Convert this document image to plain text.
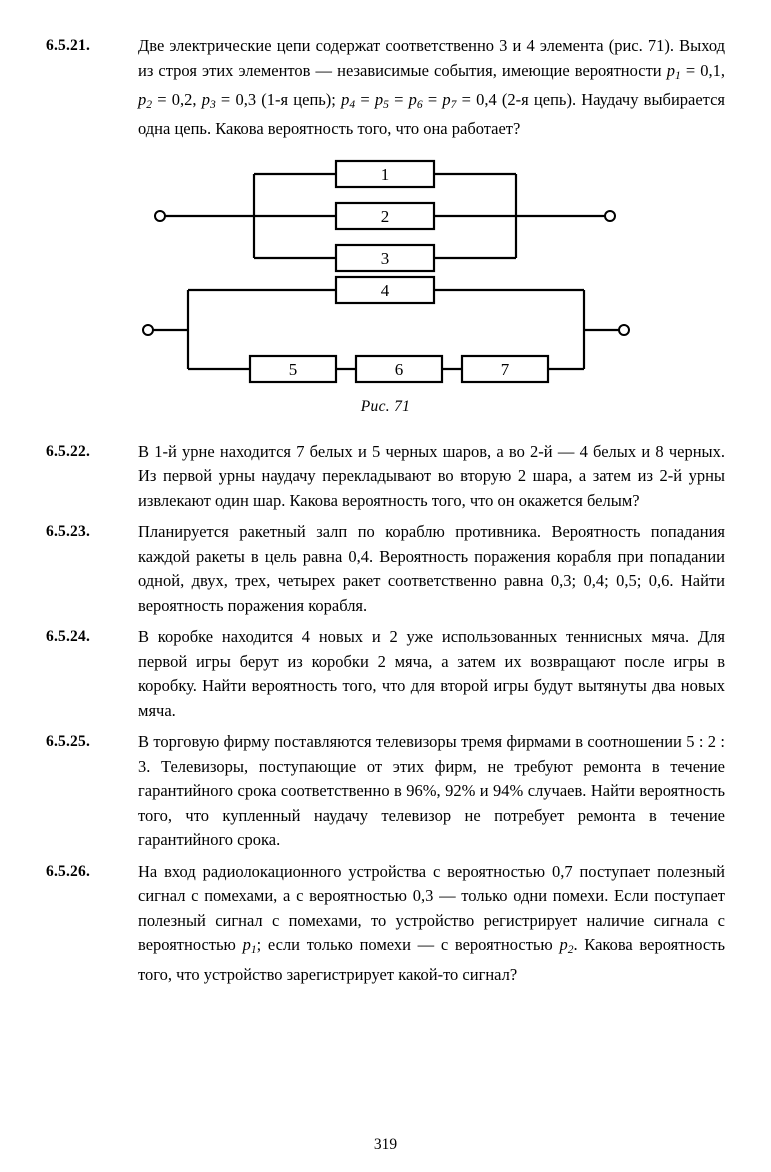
6.5.21.	Две электрические цепи содержат соответственно 3 и 4 элемента (рис. 71). Выход из строя этих элементов — независимые события, имеющие вероятности $p_1 = 0,1$, $p_2 = 0,2$, $p_3 = 0,3$ (1-я цепь); $p_4 = p_5 = p_6 = p_7 = 0,4$ (2-я цепь). Наудачу выбирается одна цепь. Какова вероятность того, что она работает?
1
2
3
4
5	6	7
Рис. 71
6.5.22.	В 1-й урне находится 7 белых и 5 черных шаров, а во 2-й — 4 белых и 8 черных. Из первой урны наудачу перекладывают во вторую 2 шара, а затем из 2-й урны извлекают один шар. Какова вероятность того, что он окажется белым?
6.5.23.	Планируется ракетный залп по кораблю противника. Вероятность попадания каждой ракеты в цель равна 0,4. Вероятность поражения корабля при попадании одной, двух, трех, четырех ракет соответственно равна 0,3; 0,4; 0,5; 0,6. Найти вероятность поражения корабля.
6.5.24.	В коробке находится 4 новых и 2 уже использованных теннисных мяча. Для первой игры берут из коробки 2 мяча, а затем их возвращают после игры в коробку. Найти вероятность того, что для второй игры будут вытянуты два новых мяча.
6.5.25.	В торговую фирму поставляются телевизоры тремя фирмами в соотношении 5 : 2 : 3. Телевизоры, поступающие от этих фирм, не требуют ремонта в течение гарантийного срока соответственно в 96%, 92% и 94% случаев. Найти вероятность того, что купленный наудачу телевизор не потребует ремонта в течение гарантийного срока.
6.5.26.	На вход радиолокационного устройства с вероятностью 0,7 поступает полезный сигнал с помехами, а с вероятностью 0,3 — только одни помехи. Если поступает полезный сигнал с помехами, то устройство регистрирует наличие сигнала с вероятностью $p_1$; если только помехи — с вероятностью $p_2$. Какова вероятность того, что устройство зарегистрирует какой-то сигнал?
319
